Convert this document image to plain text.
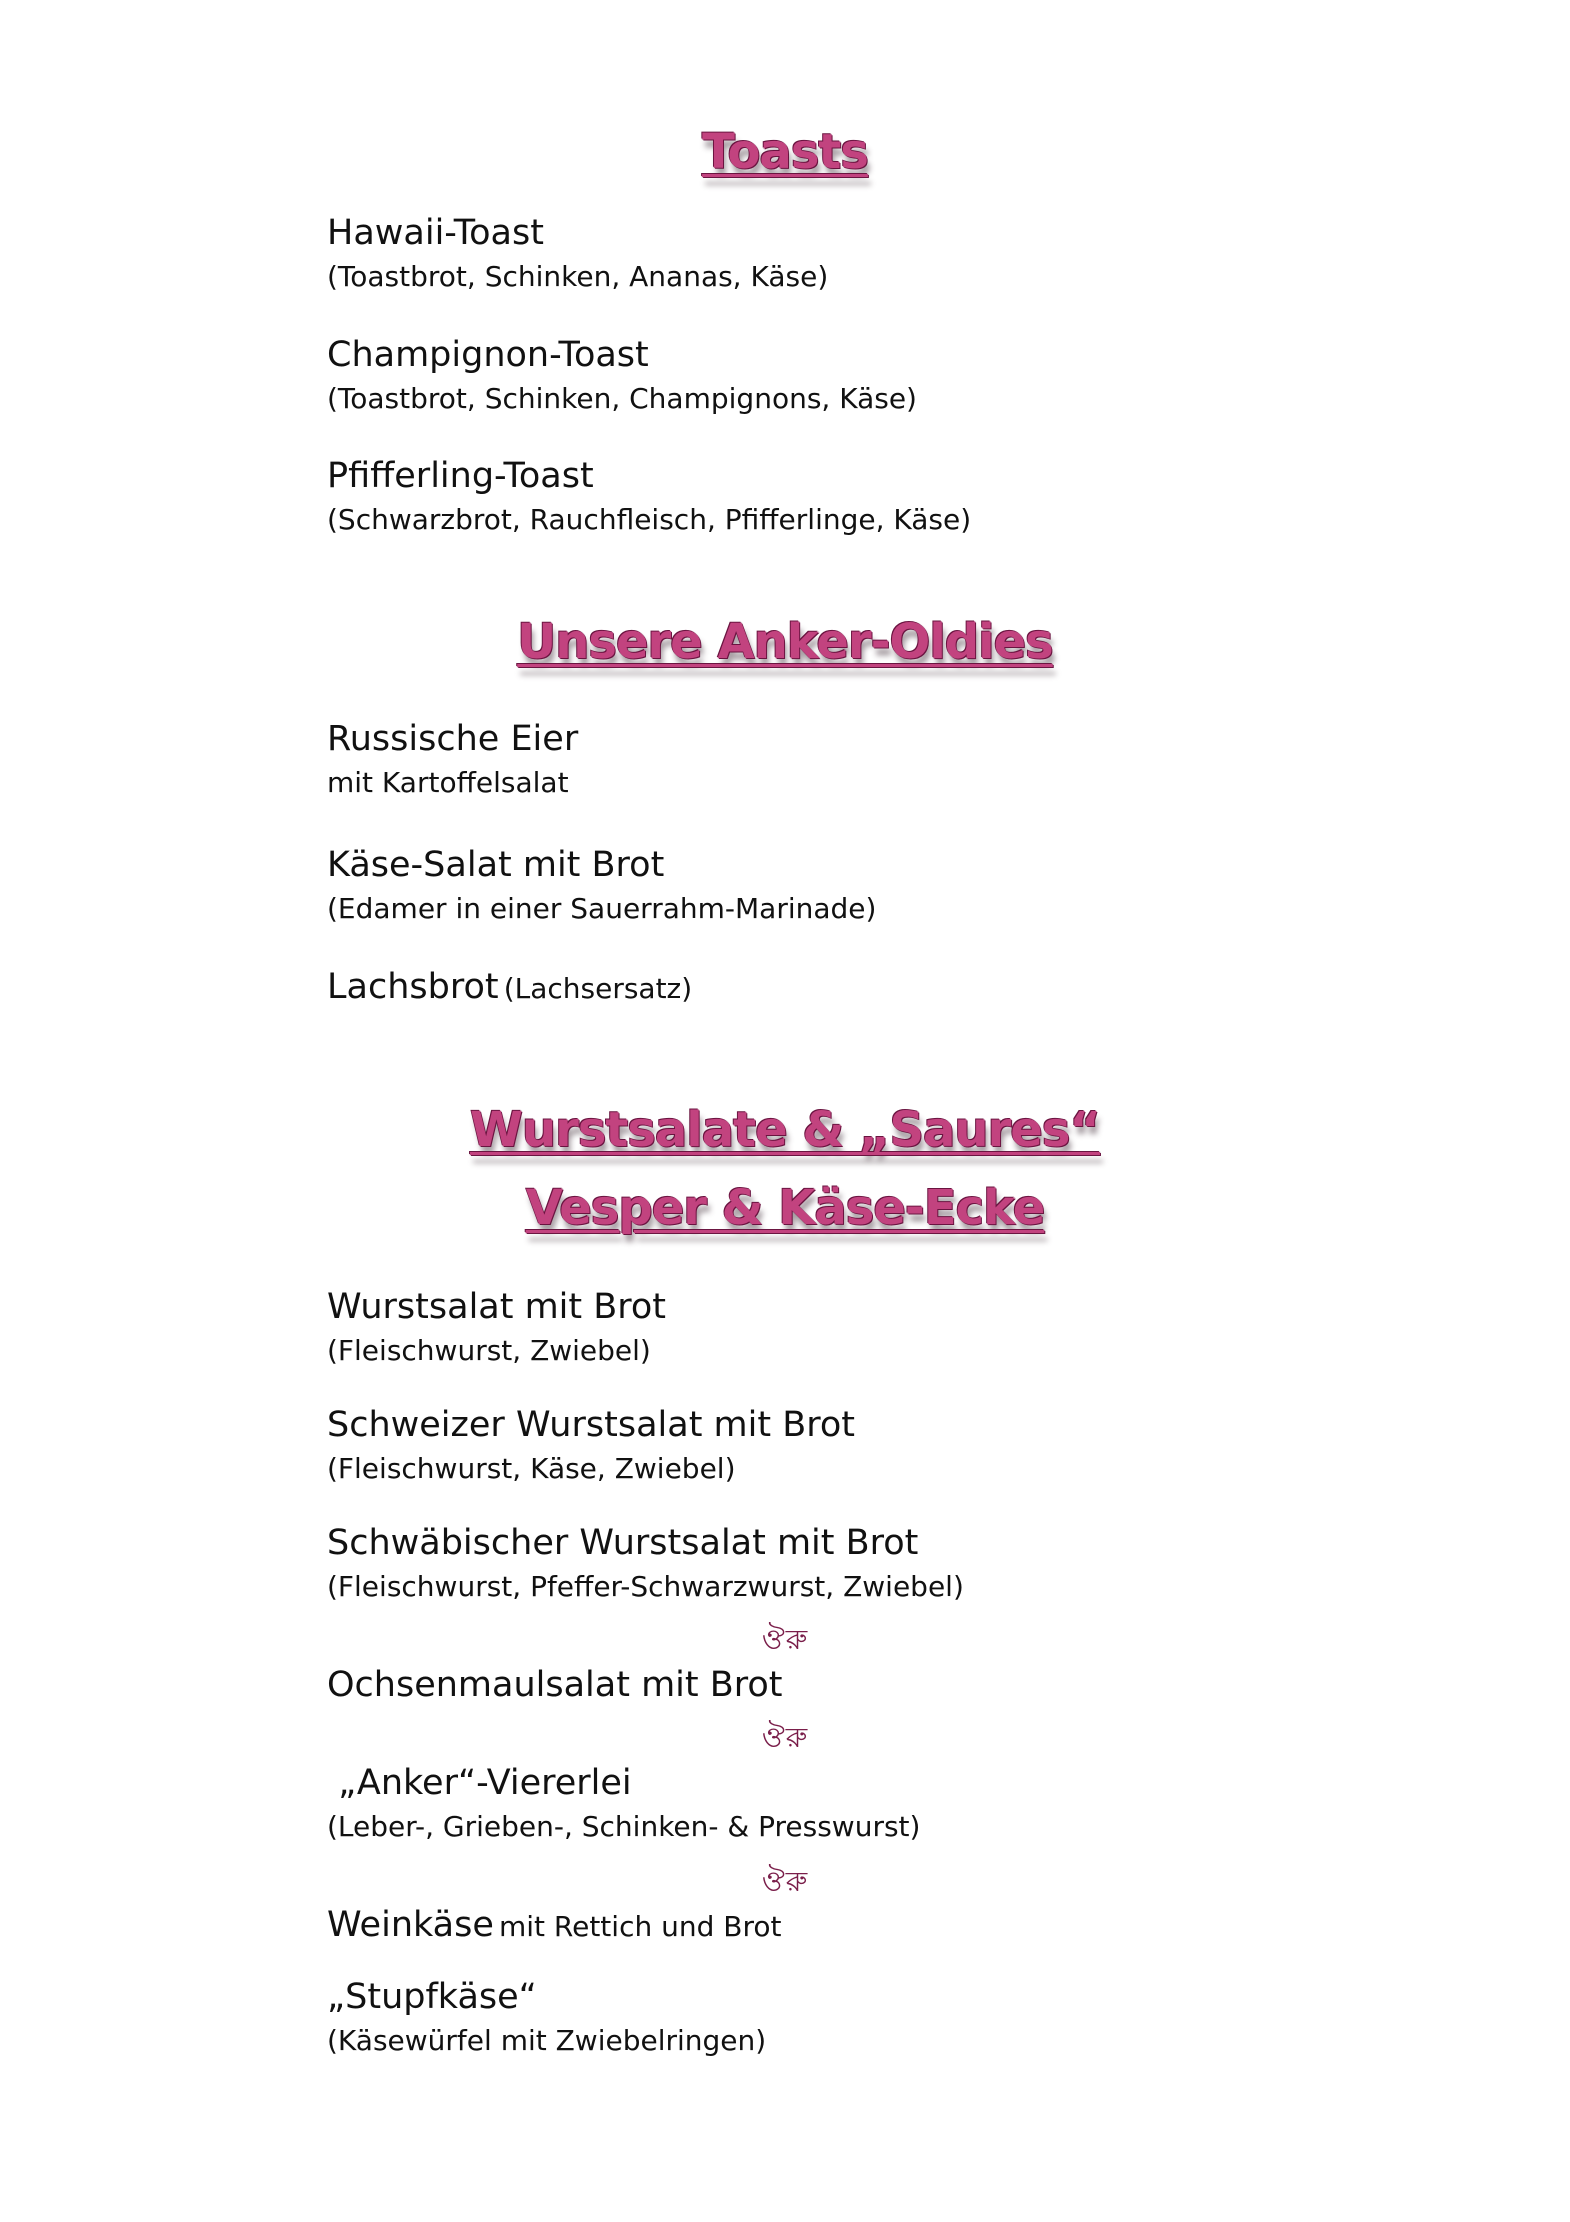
Toasts
Hawaii-Toast
(Toastbrot, Schinken, Ananas, Käse)
Champignon-Toast
(Toastbrot, Schinken, Champignons, Käse)
Pfifferling-Toast
(Schwarzbrot, Rauchfleisch, Pfifferlinge, Käse)
Unsere Anker-Oldies
Russische Eier
mit Kartoffelsalat
Käse-Salat mit Brot
(Edamer in einer Sauerrahm-Marinade)
Lachsbrot (Lachsersatz)
Wurstsalate & „Saures“
Vesper & Käse-Ecke
Wurstsalat mit Brot
(Fleischwurst, Zwiebel)
Schweizer Wurstsalat mit Brot
(Fleischwurst, Käse, Zwiebel)
Schwäbischer Wurstsalat mit Brot
(Fleischwurst, Pfeffer-Schwarzwurst, Zwiebel)
ঔরু
Ochsenmaulsalat mit Brot
ঔরু
„Anker“-Viererlei
(Leber-, Grieben-, Schinken- & Presswurst)
ঔরু
Weinkäse mit Rettich und Brot
„Stupfkäse“
(Käsewürfel mit Zwiebelringen)
